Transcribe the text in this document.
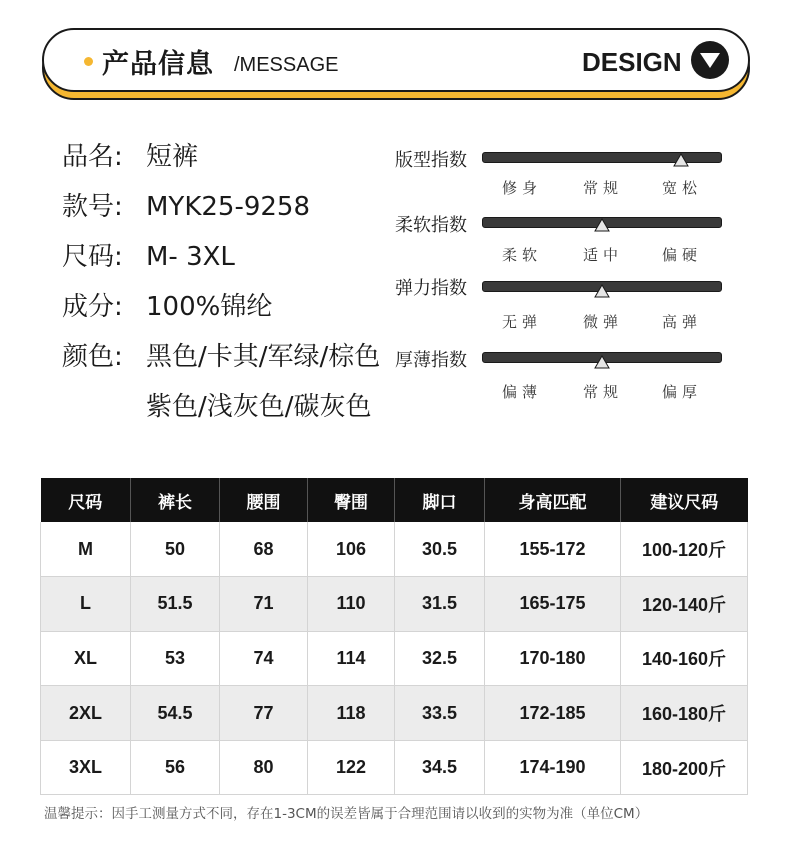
产品信息 /MESSAGE	DESIGN
品名: 短裤
款号: MYK25-9258
尺码: M- 3XL
成分: 100%锦纶
颜色: 黑色/卡其/军绿/棕色
紫色/浅灰色/碳灰色
版型指数
修身	常规	宽松
柔软指数
柔软	适中	偏硬
弹力指数
无弹	微弹	高弹
厚薄指数
偏薄	常规	偏厚
尺码	裤长	腰围	臀围	脚口	身高匹配	建议尺码
M	50	68	106	30.5	155-172	100-120斤
L	51.5	71	110	31.5	165-175	120-140斤
XL	53	74	114	32.5	170-180	140-160斤
2XL	54.5	77	118	33.5	172-185	160-180斤
3XL	56	80	122	34.5	174-190	180-200斤
温馨提示：因手工测量方式不同，存在1-3CM的误差皆属于合理范围请以收到的实物为准（单位CM）
